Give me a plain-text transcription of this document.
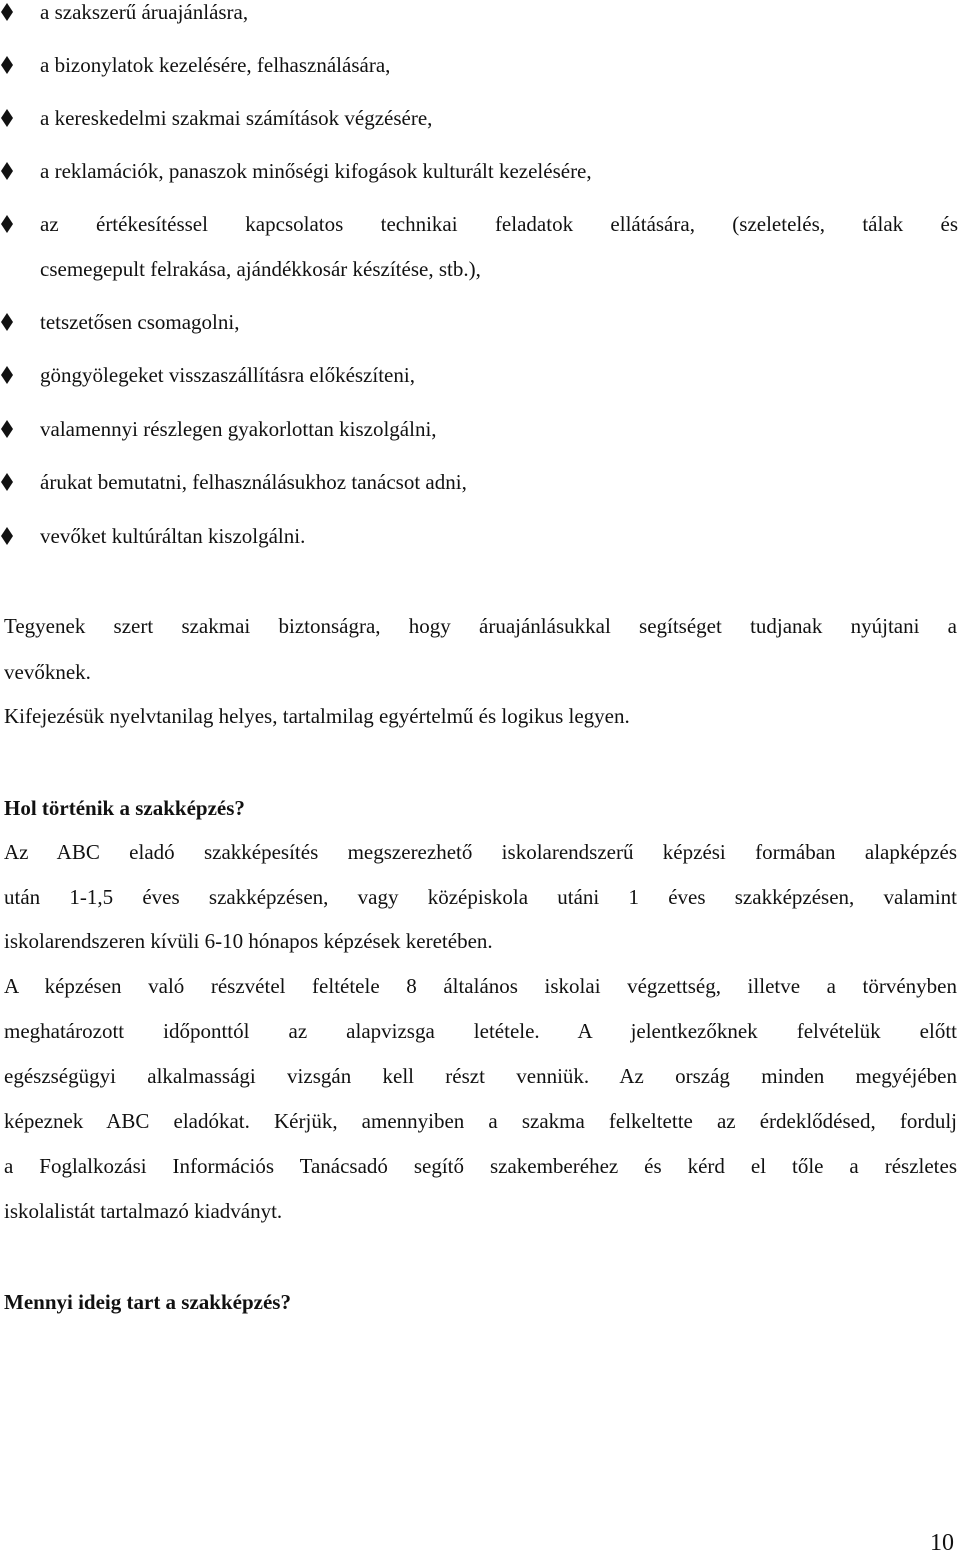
a szakszerű áruajánlásra,
a bizonylatok kezelésére, felhasználására,
a kereskedelmi szakmai számítások végzésére,
a reklamációk, panaszok minőségi kifogások kulturált kezelésére,
az értékesítéssel kapcsolatos technikai feladatok ellátására, (szeletelés, tálak és
csemegepult felrakása, ajándékkosár készítése, stb.),
tetszetősen csomagolni,
göngyölegeket visszaszállításra előkészíteni,
valamennyi részlegen gyakorlottan kiszolgálni,
árukat bemutatni, felhasználásukhoz tanácsot adni,
vevőket kultúráltan kiszolgálni.
Tegyenek szert szakmai biztonságra, hogy áruajánlásukkal segítséget tudjanak nyújtani a
vevőknek.
Kifejezésük nyelvtanilag helyes, tartalmilag egyértelmű és logikus legyen.
Hol történik a szakképzés?
Az ABC eladó szakképesítés megszerezhető iskolarendszerű képzési formában alapképzés
után 1-1,5 éves szakképzésen, vagy középiskola utáni 1 éves szakképzésen, valamint
iskolarendszeren kívüli 6-10 hónapos képzések keretében.
A képzésen való részvétel feltétele 8 általános iskolai végzettség, illetve a törvényben
meghatározott időponttól az alapvizsga letétele. A jelentkezőknek felvételük előtt
egészségügyi alkalmassági vizsgán kell részt venniük. Az ország minden megyéjében
képeznek ABC eladókat. Kérjük, amennyiben a szakma felkeltette az érdeklődésed, fordulj
a Foglalkozási Információs Tanácsadó segítő szakemberéhez és kérd el tőle a részletes
iskolalistát tartalmazó kiadványt.
Mennyi ideig tart a szakképzés?
10
